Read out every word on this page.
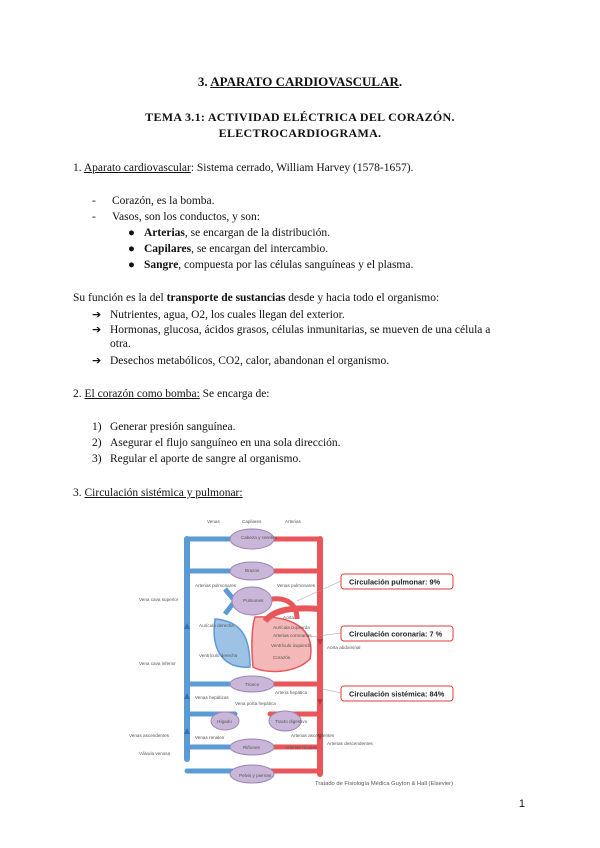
3. APARATO CARDIOVASCULAR.
TEMA 3.1: ACTIVIDAD ELÉCTRICA DEL CORAZÓN.
ELECTROCARDIOGRAMA.
1. Aparato cardiovascular: Sistema cerrado, William Harvey (1578-1657).
- Corazón, es la bomba.
- Vasos, son los conductos, y son:
● Arterias, se encargan de la distribución.
● Capilares, se encargan del intercambio.
● Sangre, compuesta por las células sanguíneas y el plasma.
Su función es la del transporte de sustancias desde y hacia todo el organismo:
➔ Nutrientes, agua, O2, los cuales llegan del exterior.
➔ Hormonas, glucosa, ácidos grasos, células inmunitarias, se mueven de una célula a
otra.
➔ Desechos metabólicos, CO2, calor, abandonan el organismo.
2. El corazón como bomba: Se encarga de:
1) Generar presión sanguínea.
2) Asegurar el flujo sanguíneo en una sola dirección.
3) Regular el aporte de sangre al organismo.
3. Circulación sistémica y pulmonar:
Venas	Capilares	Arterias
Cabeza y cerebro
Brazos
Vena cava superior
Arterias pulmonares
Pulmones
Venas pulmonares
Aurícula derecha
Aorta
Aurícula izquierda
Arterias coronarias
Ventrículo izquierdo
Ventrículo derecho
Vena cava inferior
Corazón
Aorta abdominal
Tronco
Arteria hepática
Venas hepáticas
Vena porta hepática
Hígado	Tracto digestivo
Venas ascendentes	Arterias ascendentes
Venas renales
Arterias renales
Riñones
Arterias descendentes
Válvula venosa
Pelvis y piernas
Circulación pulmonar: 9%
Circulación coronaria: 7 %
Circulación sistémica: 84%
Tratado de Fisiología Médica Guyton & Hall (Elsevier)
1
